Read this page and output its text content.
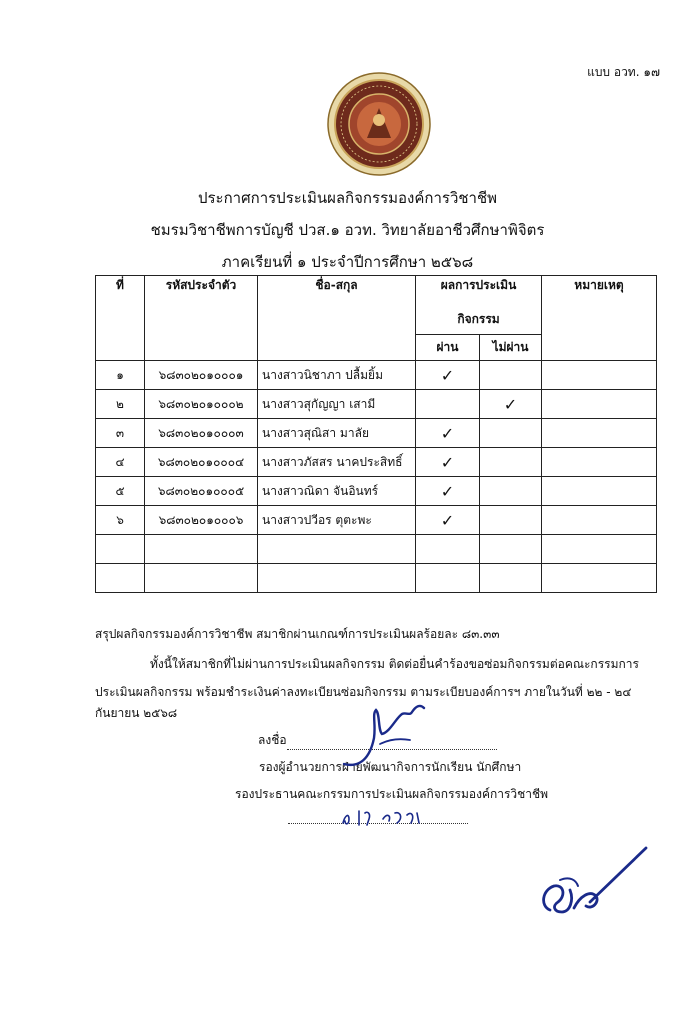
แบบ อวท. ๑๗
ประกาศการประเมินผลกิจกรรมองค์การวิชาชีพ
ชมรมวิชาชีพการบัญชี ปวส.๑ อวท. วิทยาลัยอาชีวศึกษาพิจิตร
ภาคเรียนที่ ๑ ประจำปีการศึกษา ๒๕๖๘
ที่	รหัสประจำตัว	ชื่อ-สกุล	ผลการประเมิน		หมายเหตุ
			กิจกรรม		
			ผ่าน	ไม่ผ่าน	
๑	๖๘๓๐๒๐๑๐๐๐๑	นางสาวนิชาภา ปลื้มยิ้ม	✓		
๒	๖๘๓๐๒๐๑๐๐๐๒	นางสาวสุกัญญา เสามี		✓	
๓	๖๘๓๐๒๐๑๐๐๐๓	นางสาวสุณิสา มาลัย	✓		
๔	๖๘๓๐๒๐๑๐๐๐๔	นางสาวภัสสร นาคประสิทธิ์	✓		
๕	๖๘๓๐๒๐๑๐๐๐๕	นางสาวณิดา จันอินทร์	✓		
๖	๖๘๓๐๒๐๑๐๐๐๖	นางสาวปวีอร ตุตะพะ	✓		

สรุปผลกิจกรรมองค์การวิชาชีพ สมาชิกผ่านเกณฑ์การประเมินผลร้อยละ ๘๓.๓๓
ทั้งนี้ให้สมาชิกที่ไม่ผ่านการประเมินผลกิจกรรม ติดต่อยื่นคำร้องขอซ่อมกิจกรรมต่อคณะกรรมการ
ประเมินผลกิจกรรม พร้อมชำระเงินค่าลงทะเบียนซ่อมกิจกรรม ตามระเบียบองค์การฯ ภายในวันที่ ๒๒ - ๒๔
กันยายน ๒๕๖๘
ลงชื่อ
รองผู้อำนวยการฝ่ายพัฒนากิจการนักเรียน นักศึกษา
รองประธานคณะกรรมการประเมินผลกิจกรรมองค์การวิชาชีพ
